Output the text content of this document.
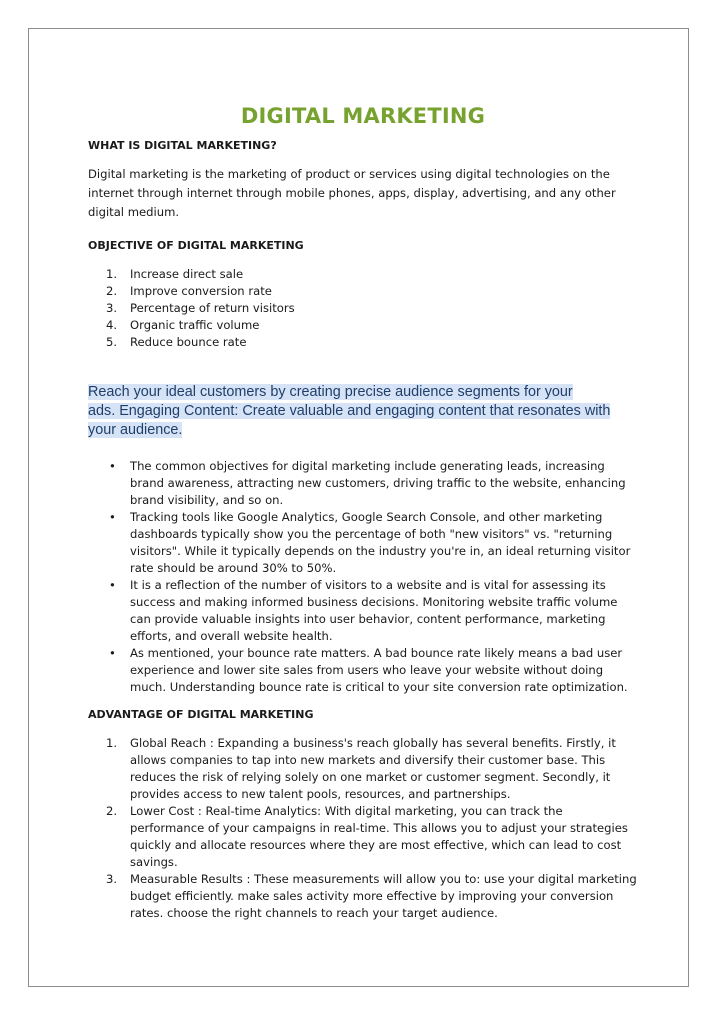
DIGITAL MARKETING

WHAT IS DIGITAL MARKETING?

Digital marketing is the marketing of product or services using digital technologies on the internet through internet through mobile phones, apps, display, advertising, and any other digital medium.

OBJECTIVE OF DIGITAL MARKETING

1.	Increase direct sale
2.	Improve conversion rate
3.	Percentage of return visitors
4.	Organic traffic volume
5.	Reduce bounce rate
Reach your ideal customers by creating precise audience segments for your
ads. Engaging Content: Create valuable and engaging content that resonates with
your audience.
• The common objectives for digital marketing include generating leads, increasing brand awareness, attracting new customers, driving traffic to the website, enhancing brand visibility, and so on.
• Tracking tools like Google Analytics, Google Search Console, and other marketing dashboards typically show you the percentage of both "new visitors" vs. "returning visitors". While it typically depends on the industry you're in, an ideal returning visitor rate should be around 30% to 50%.
• It is a reflection of the number of visitors to a website and is vital for assessing its success and making informed business decisions. Monitoring website traffic volume can provide valuable insights into user behavior, content performance, marketing efforts, and overall website health.
• As mentioned, your bounce rate matters. A bad bounce rate likely means a bad user experience and lower site sales from users who leave your website without doing much. Understanding bounce rate is critical to your site conversion rate optimization.

ADVANTAGE OF DIGITAL MARKETING

1. Global Reach : Expanding a business's reach globally has several benefits. Firstly, it allows companies to tap into new markets and diversify their customer base. This reduces the risk of relying solely on one market or customer segment. Secondly, it provides access to new talent pools, resources, and partnerships.
2. Lower Cost : Real-time Analytics: With digital marketing, you can track the performance of your campaigns in real-time. This allows you to adjust your strategies quickly and allocate resources where they are most effective, which can lead to cost savings.
3. Measurable Results : These measurements will allow you to: use your digital marketing budget efficiently. make sales activity more effective by improving your conversion rates. choose the right channels to reach your target audience.
